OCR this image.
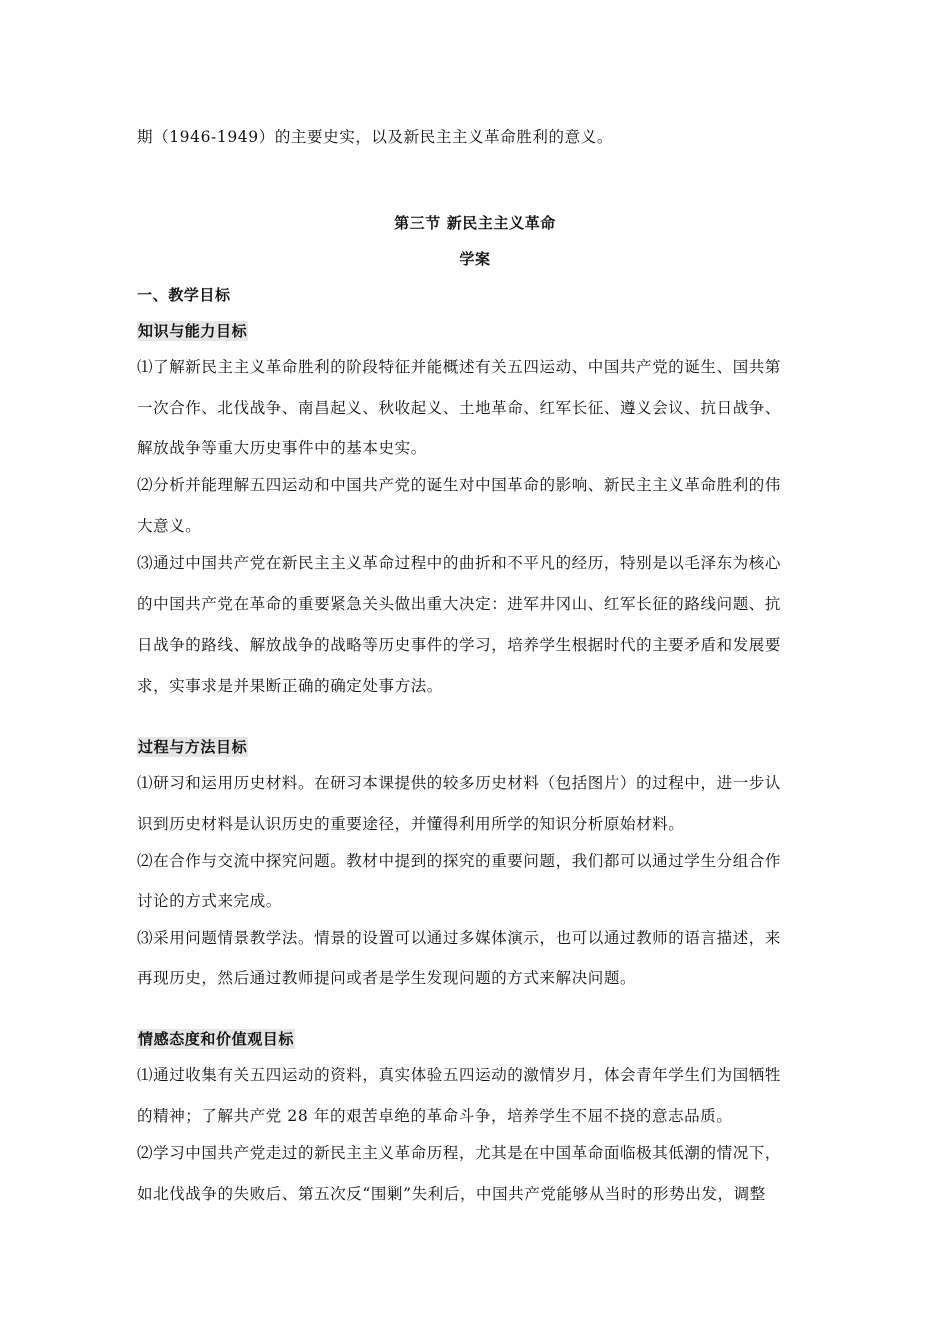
期（1946-1949）的主要史实，以及新民主主义革命胜利的意义。
第三节 新民主主义革命
学案
一、教学目标
知识与能力目标
⑴了解新民主主义革命胜利的阶段特征并能概述有关五四运动、中国共产党的诞生、国共第
一次合作、北伐战争、南昌起义、秋收起义、土地革命、红军长征、遵义会议、抗日战争、
解放战争等重大历史事件中的基本史实。
⑵分析并能理解五四运动和中国共产党的诞生对中国革命的影响、新民主主义革命胜利的伟
大意义。
⑶通过中国共产党在新民主主义革命过程中的曲折和不平凡的经历，特别是以毛泽东为核心
的中国共产党在革命的重要紧急关头做出重大决定：进军井冈山、红军长征的路线问题、抗
日战争的路线、解放战争的战略等历史事件的学习，培养学生根据时代的主要矛盾和发展要
求，实事求是并果断正确的确定处事方法。
过程与方法目标
⑴研习和运用历史材料。在研习本课提供的较多历史材料（包括图片）的过程中，进一步认
识到历史材料是认识历史的重要途径，并懂得利用所学的知识分析原始材料。
⑵在合作与交流中探究问题。教材中提到的探究的重要问题，我们都可以通过学生分组合作
讨论的方式来完成。
⑶采用问题情景教学法。情景的设置可以通过多媒体演示，也可以通过教师的语言描述，来
再现历史，然后通过教师提问或者是学生发现问题的方式来解决问题。
情感态度和价值观目标
⑴通过收集有关五四运动的资料，真实体验五四运动的激情岁月，体会青年学生们为国牺牲
的精神；了解共产党 28 年的艰苦卓绝的革命斗争，培养学生不屈不挠的意志品质。
⑵学习中国共产党走过的新民主主义革命历程，尤其是在中国革命面临极其低潮的情况下，
如北伐战争的失败后、第五次反“围剿”失利后，中国共产党能够从当时的形势出发，调整
